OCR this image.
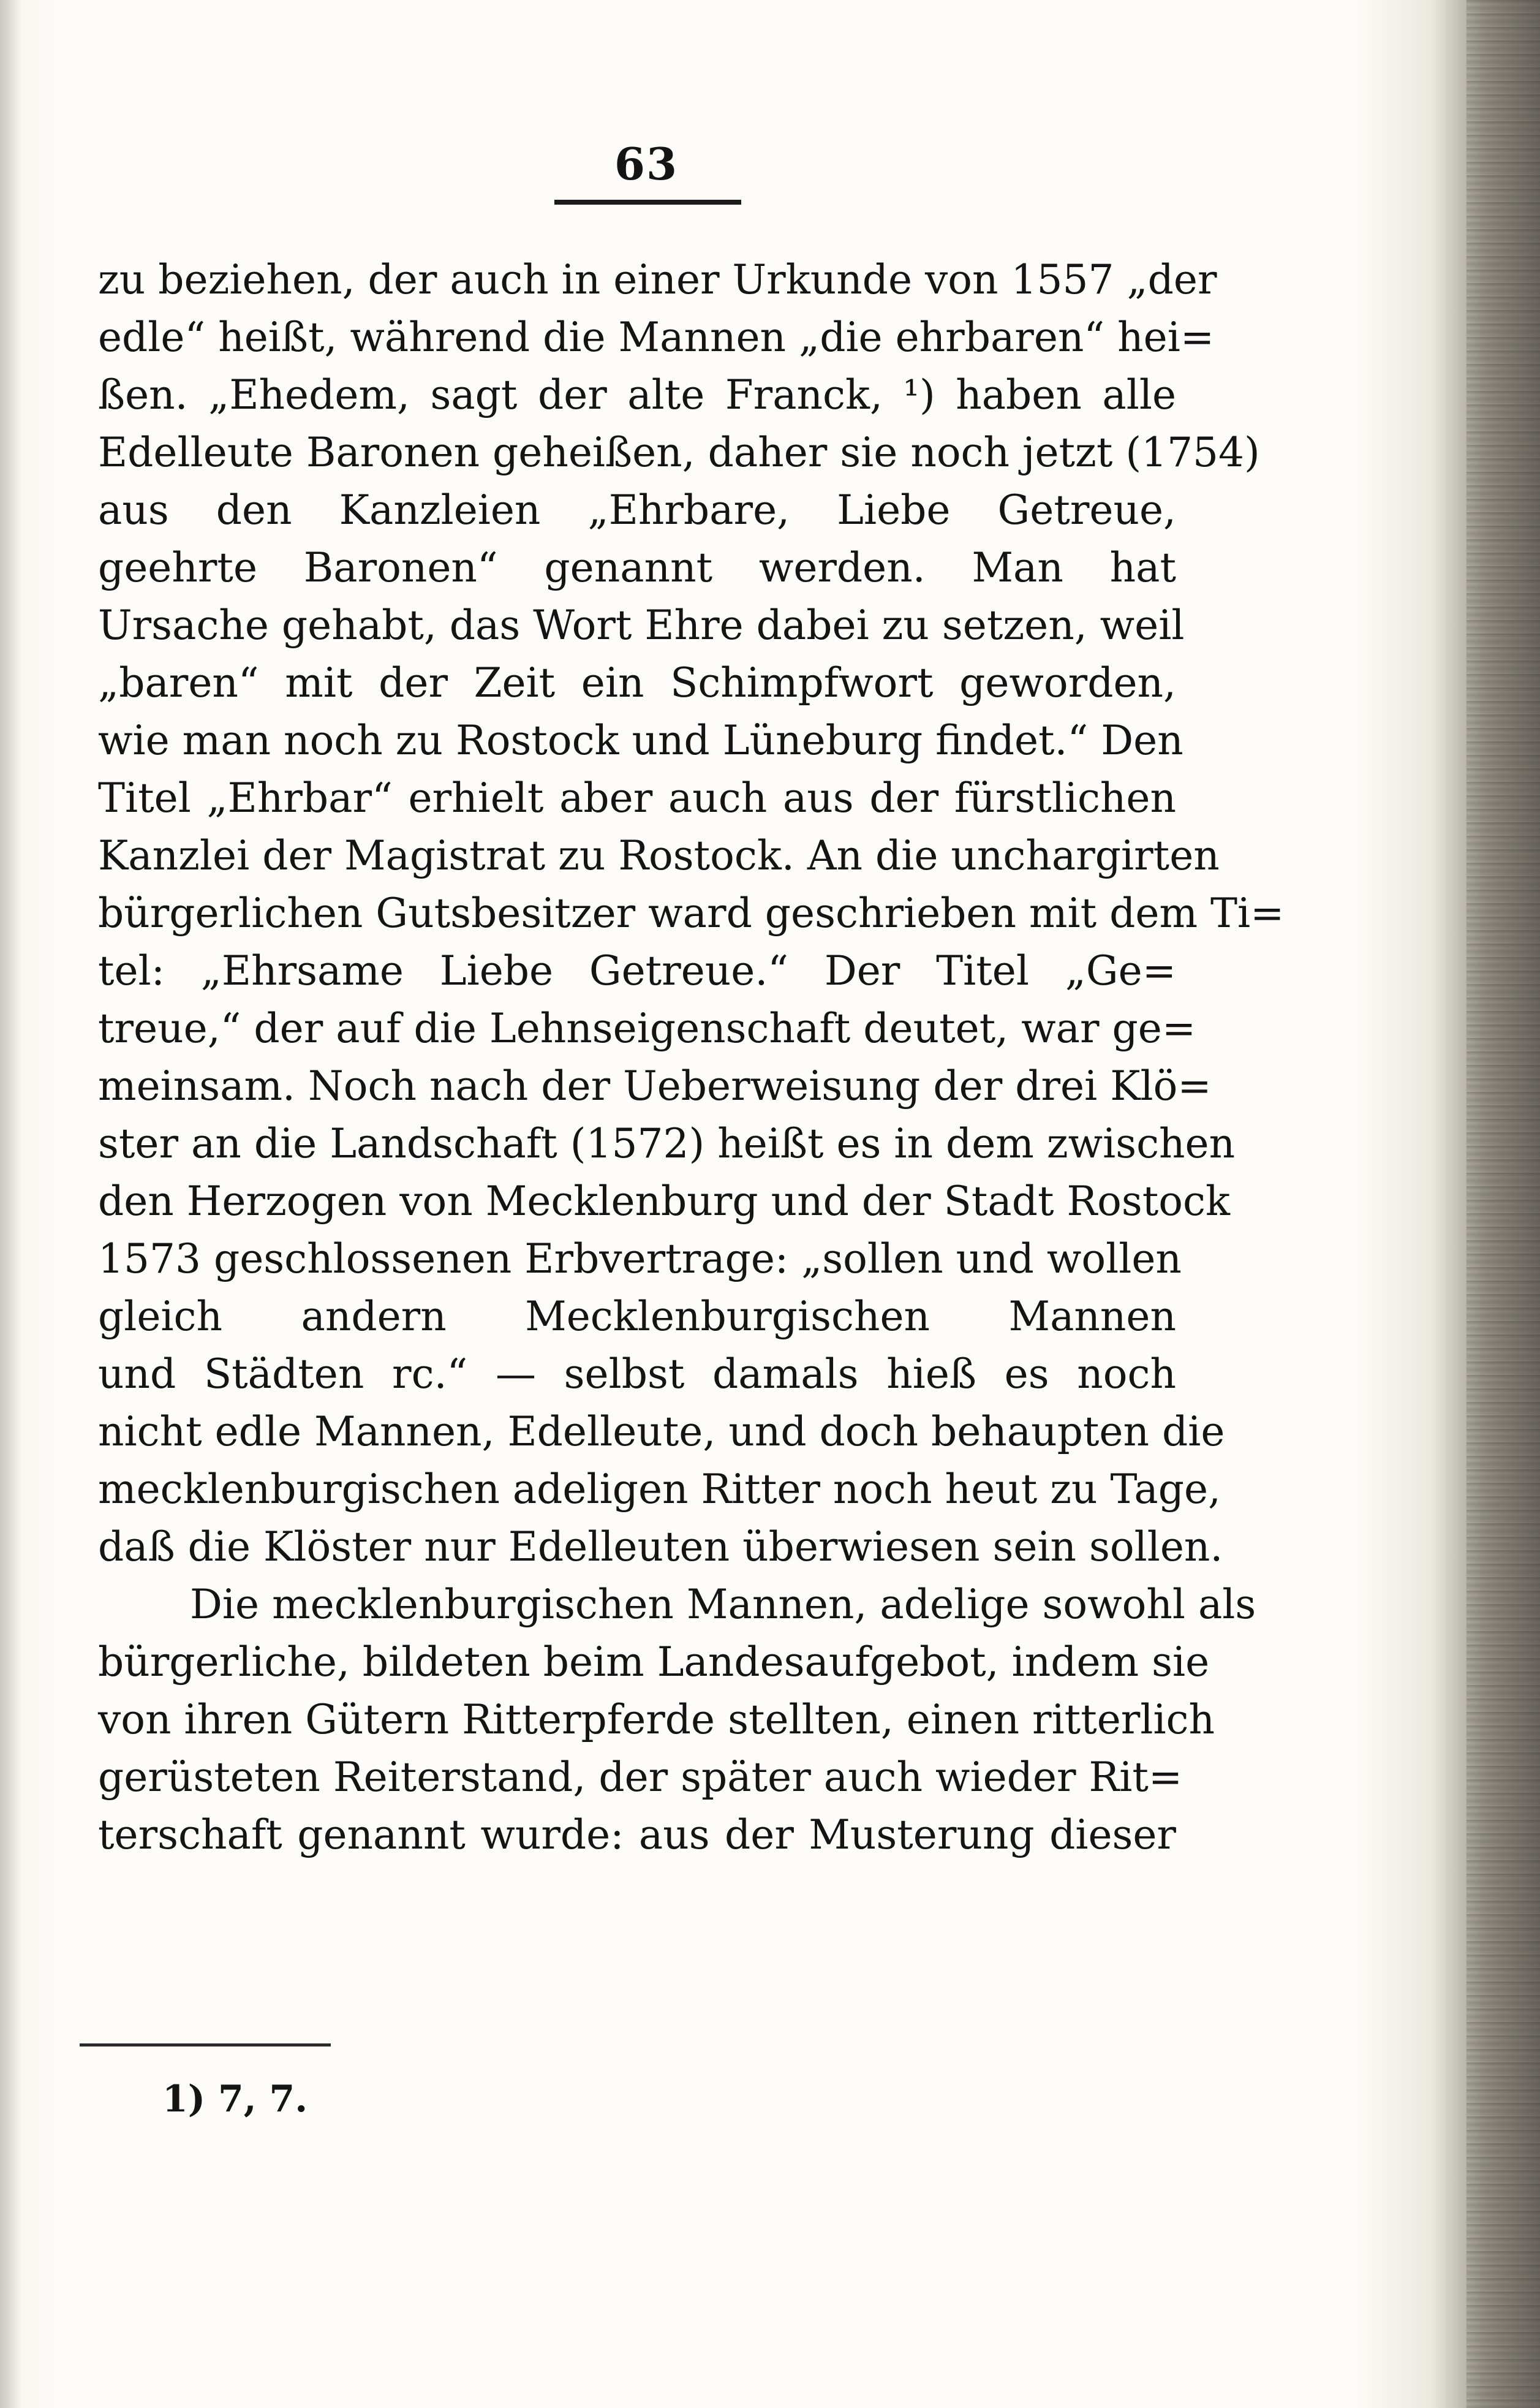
63
zu beziehen, der auch in einer Urkunde von 1557 „der
edle“ heißt, während die Mannen „die ehrbaren“ hei=
ßen. „Ehedem, sagt der alte Franck, ¹) haben alle
Edelleute Baronen geheißen, daher sie noch jetzt (1754)
aus den Kanzleien „Ehrbare, Liebe Getreue,
geehrte Baronen“ genannt werden. Man hat
Ursache gehabt, das Wort Ehre dabei zu setzen, weil
„baren“ mit der Zeit ein Schimpfwort geworden,
wie man noch zu Rostock und Lüneburg findet.“ Den
Titel „Ehrbar“ erhielt aber auch aus der fürstlichen
Kanzlei der Magistrat zu Rostock. An die unchargirten
bürgerlichen Gutsbesitzer ward geschrieben mit dem Ti=
tel: „Ehrsame Liebe Getreue.“ Der Titel „Ge=
treue,“ der auf die Lehnseigenschaft deutet, war ge=
meinsam. Noch nach der Ueberweisung der drei Klö=
ster an die Landschaft (1572) heißt es in dem zwischen
den Herzogen von Mecklenburg und der Stadt Rostock
1573 geschlossenen Erbvertrage: „sollen und wollen
gleich andern Mecklenburgischen Mannen
und Städten rc.“ — selbst damals hieß es noch
nicht edle Mannen, Edelleute, und doch behaupten die
mecklenburgischen adeligen Ritter noch heut zu Tage,
daß die Klöster nur Edelleuten überwiesen sein sollen.
Die mecklenburgischen Mannen, adelige sowohl als
bürgerliche, bildeten beim Landesaufgebot, indem sie
von ihren Gütern Ritterpferde stellten, einen ritterlich
gerüsteten Reiterstand, der später auch wieder Rit=
terschaft genannt wurde: aus der Musterung dieser
1) 7, 7.
